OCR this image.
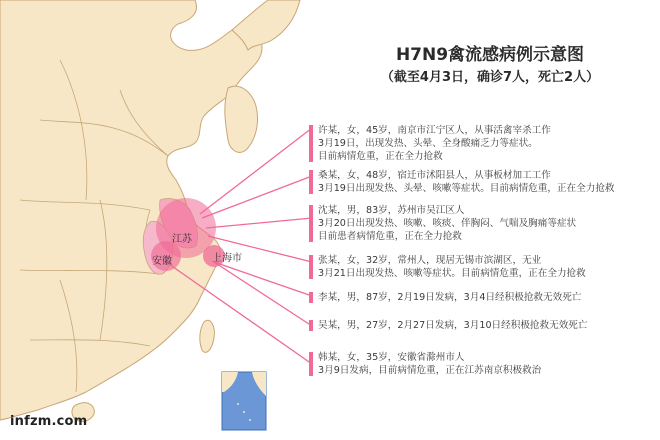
H7N9禽流感病例示意图

（截至4月3日，确诊7人，死亡2人）

江苏
安徽	上海市
许某，女，45岁，南京市江宁区人，从事活禽宰杀工作
3月19日，出现发热、头晕、全身酸痛乏力等症状。
目前病情危重，正在全力抢救
桑某，女，48岁，宿迁市沭阳县人，从事板材加工工作
3月19日出现发热、头晕、咳嗽等症状。目前病情危重，正在全力抢救
沈某，男，83岁，苏州市吴江区人
3月20日出现发热、咳嗽、咳痰、伴胸闷、气喘及胸痛等症状
目前患者病情危重，正在全力抢救
张某，女，32岁，常州人，现居无锡市滨湖区，无业
3月21日出现发热、咳嗽等症状。目前病情危重，正在全力抢救
李某，男，87岁，2月19日发病，3月4日经积极抢救无效死亡
吴某，男，27岁，2月27日发病，3月10日经积极抢救无效死亡
韩某，女，35岁，安徽省滁州市人
3月9日发病，目前病情危重，正在江苏南京积极救治
infzm.com
